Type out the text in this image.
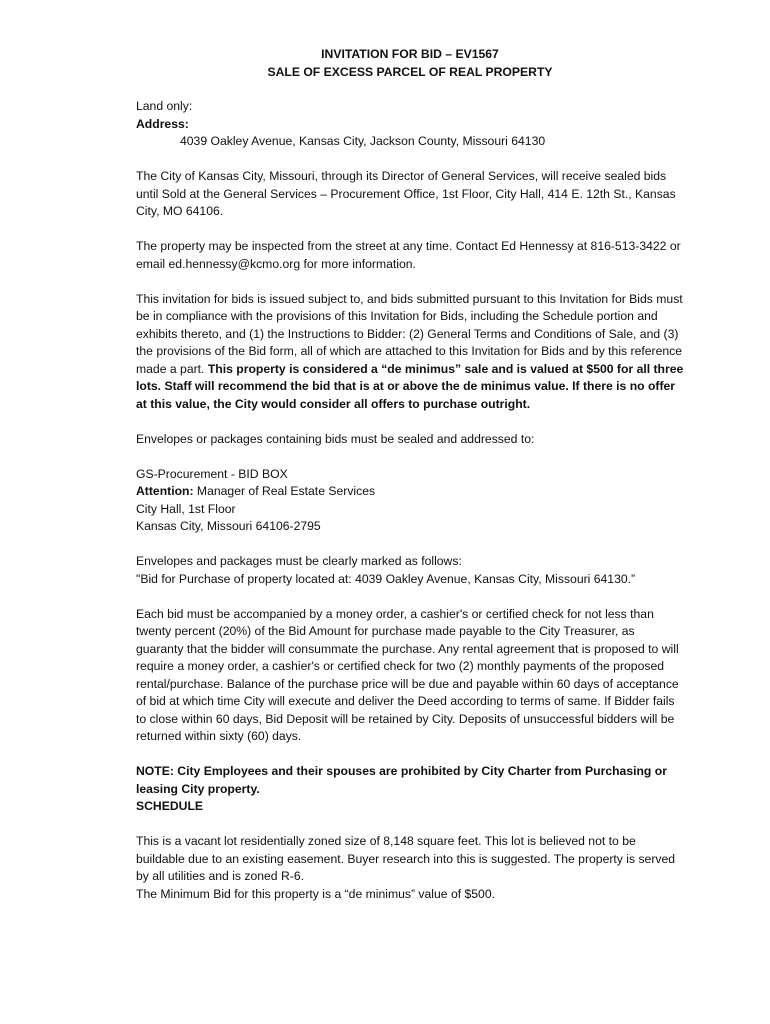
INVITATION FOR BID – EV1567

SALE OF EXCESS PARCEL OF REAL PROPERTY

Land only:
Address:
4039 Oakley Avenue, Kansas City, Jackson County, Missouri 64130

The City of Kansas City, Missouri, through its Director of General Services, will receive sealed bids until Sold at the General Services – Procurement Office, 1st Floor, City Hall, 414 E. 12th St., Kansas City, MO 64106.

The property may be inspected from the street at any time. Contact Ed Hennessy at 816-513-3422 or email ed.hennessy@kcmo.org for more information.

This invitation for bids is issued subject to, and bids submitted pursuant to this Invitation for Bids must be in compliance with the provisions of this Invitation for Bids, including the Schedule portion and exhibits thereto, and (1) the Instructions to Bidder: (2) General Terms and Conditions of Sale, and (3) the provisions of the Bid form, all of which are attached to this Invitation for Bids and by this reference made a part. This property is considered a “de minimus” sale and is valued at $500 for all three lots. Staff will recommend the bid that is at or above the de minimus value. If there is no offer at this value, the City would consider all offers to purchase outright.

Envelopes or packages containing bids must be sealed and addressed to:

GS-Procurement - BID BOX
Attention: Manager of Real Estate Services
City Hall, 1st Floor
Kansas City, Missouri 64106-2795

Envelopes and packages must be clearly marked as follows:
"Bid for Purchase of property located at: 4039 Oakley Avenue, Kansas City, Missouri 64130.”

Each bid must be accompanied by a money order, a cashier's or certified check for not less than twenty percent (20%) of the Bid Amount for purchase made payable to the City Treasurer, as guaranty that the bidder will consummate the purchase. Any rental agreement that is proposed to will require a money order, a cashier's or certified check for two (2) monthly payments of the proposed rental/purchase. Balance of the purchase price will be due and payable within 60 days of acceptance of bid at which time City will execute and deliver the Deed according to terms of same. If Bidder fails to close within 60 days, Bid Deposit will be retained by City. Deposits of unsuccessful bidders will be returned within sixty (60) days.

NOTE: City Employees and their spouses are prohibited by City Charter from Purchasing or leasing City property.

SCHEDULE

This is a vacant lot residentially zoned size of 8,148 square feet. This lot is believed not to be buildable due to an existing easement. Buyer research into this is suggested. The property is served by all utilities and is zoned R-6.

The Minimum Bid for this property is a “de minimus” value of $500.
